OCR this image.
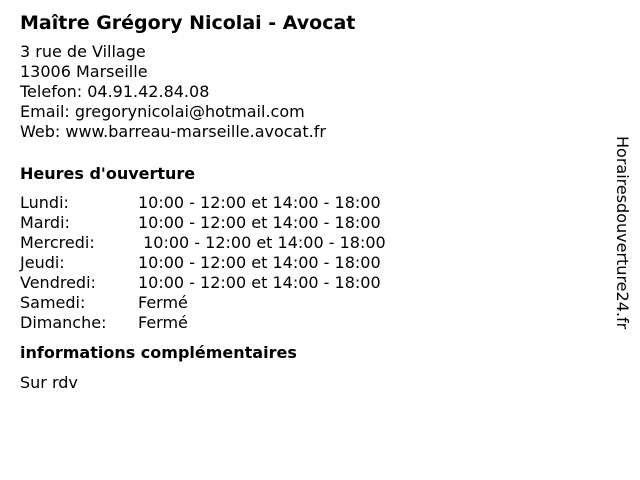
Maître Grégory Nicolai - Avocat
3 rue de Village
13006 Marseille
Telefon: 04.91.42.84.08
Email: gregorynicolai@hotmail.com
Web: www.barreau-marseille.avocat.fr
Heures d'ouverture
Lundi:	10:00 - 12:00 et 14:00 - 18:00
Mardi:	10:00 - 12:00 et 14:00 - 18:00
Mercredi:	10:00 - 12:00 et 14:00 - 18:00
Jeudi:	10:00 - 12:00 et 14:00 - 18:00
Vendredi:	10:00 - 12:00 et 14:00 - 18:00
Samedi:	Fermé
Dimanche:	Fermé
informations complémentaires
Sur rdv
Horairesdouverture24.fr
